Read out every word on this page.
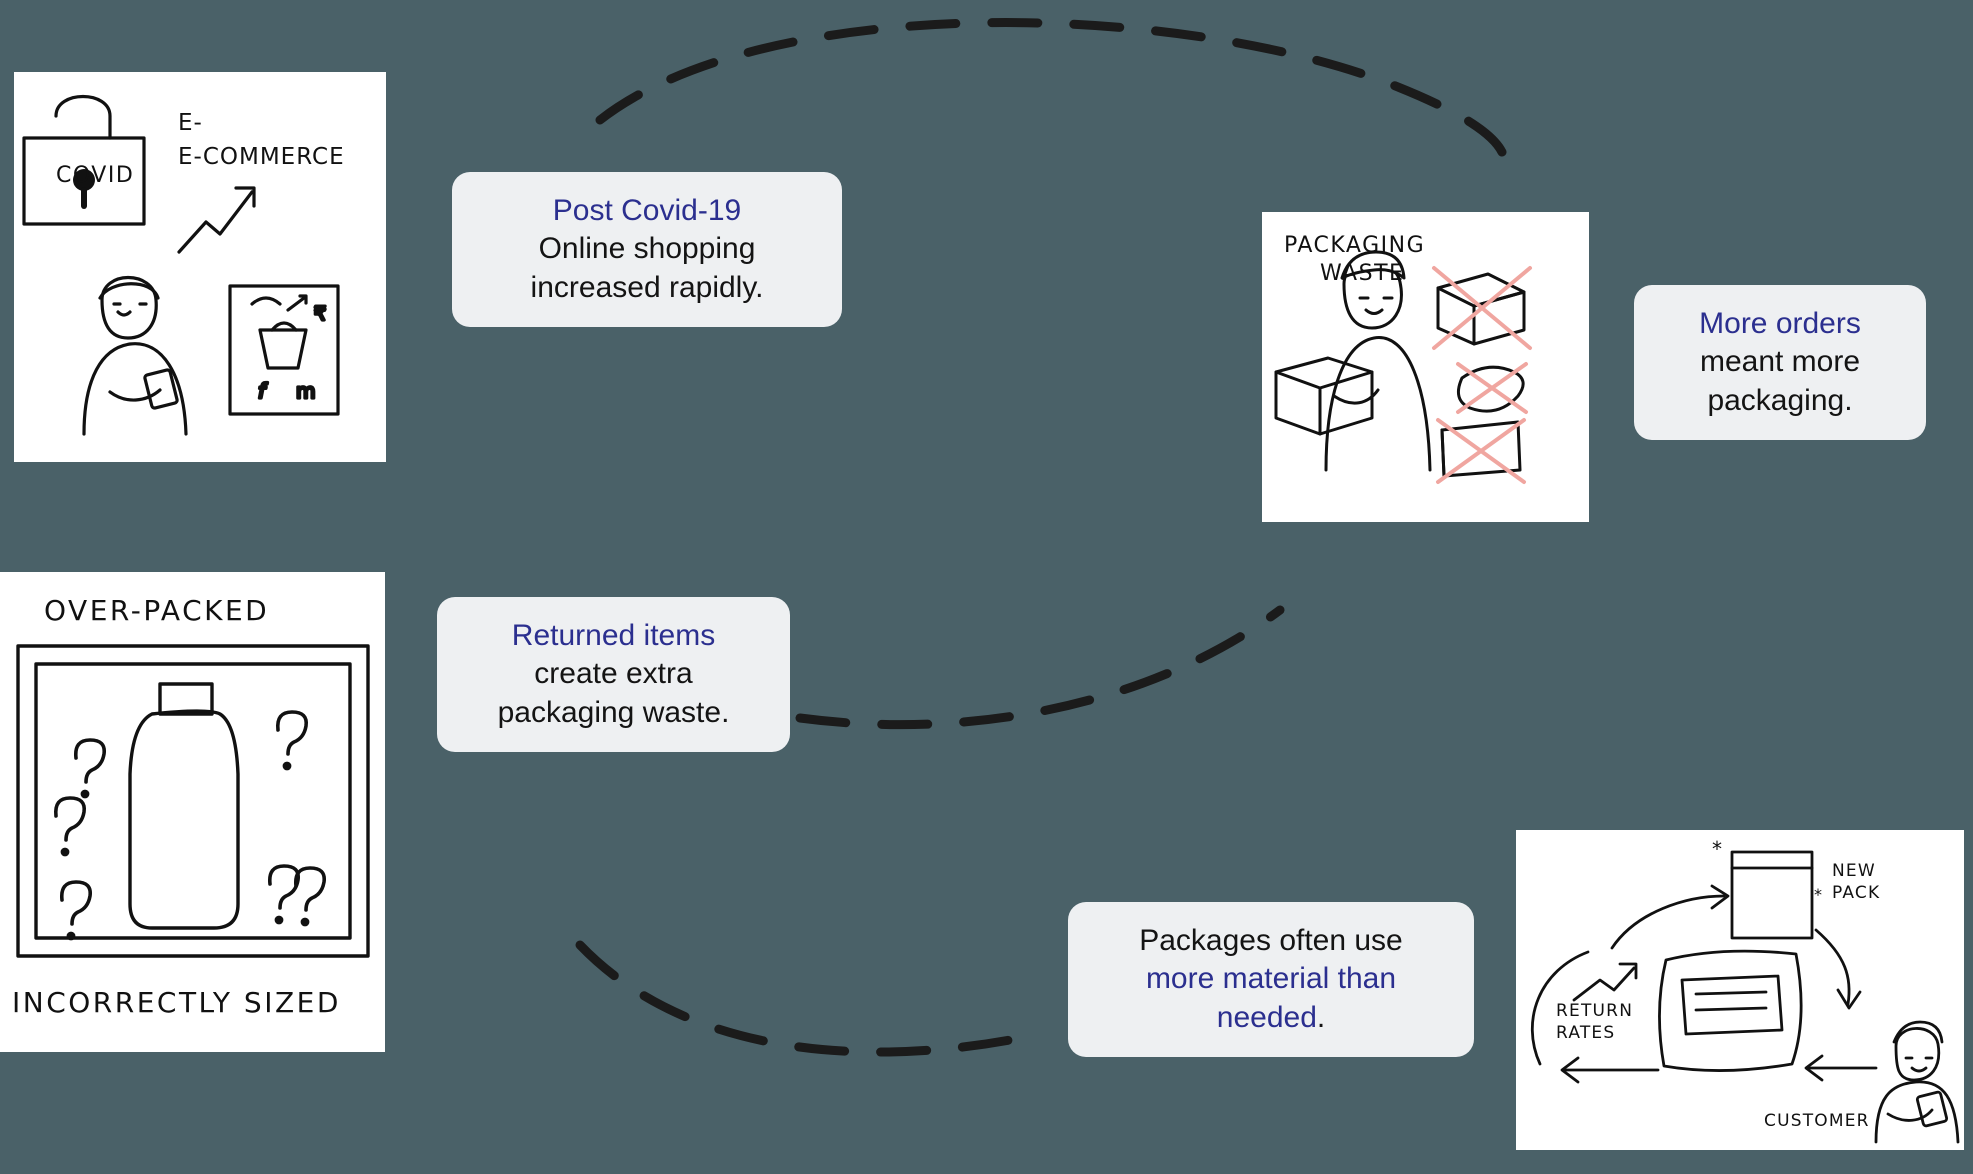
₹
f m
COVID
E-
E-COMMERCE
PACKAGING
WASTE
OVER-PACKED
INCORRECTLY SIZED
*
NEW
PACK
*
RETURN
RATES
CUSTOMER
Post Covid-19
Online shopping
increased rapidly.
More orders
meant more
packaging.
Returned items
create extra
packaging waste.
Packages often use
more material than
needed.
